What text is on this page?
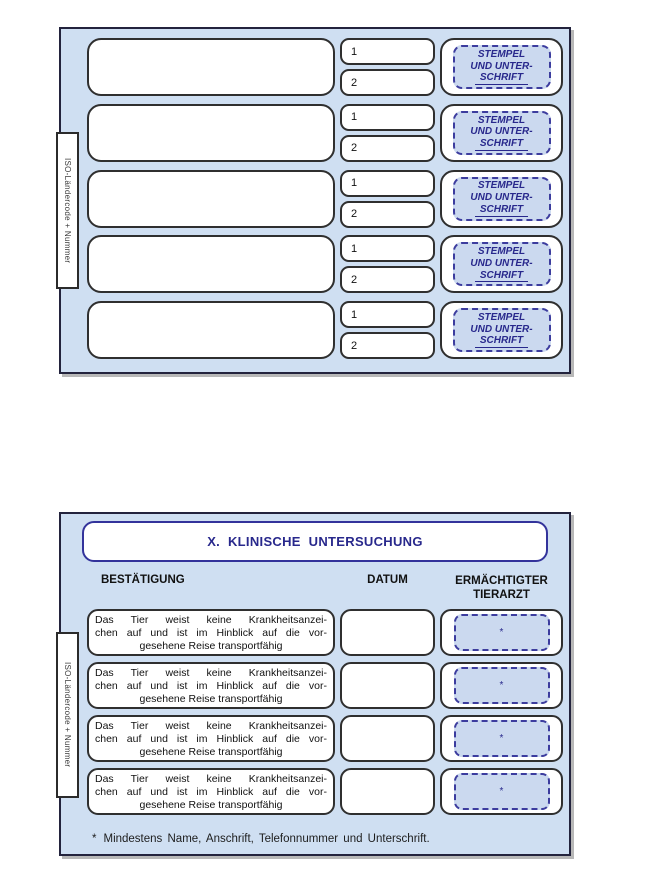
ISO-Ländercode + Nummer
1
2
STEMPEL
UND UNTER-
SCHRIFT
1
2
STEMPEL
UND UNTER-
SCHRIFT
1
2
STEMPEL
UND UNTER-
SCHRIFT
1
2
STEMPEL
UND UNTER-
SCHRIFT
1
2
STEMPEL
UND UNTER-
SCHRIFT
ISO-Ländercode + Nummer
X. KLINISCHE UNTERSUCHUNG
BESTÄTIGUNG	DATUM	ERMÄCHTIGTER
TIERARZT
Das Tier weist keine Krankheitsanzei-
chen auf und ist im Hinblick auf die vor-
gesehene Reise transportfähig
*
Das Tier weist keine Krankheitsanzei-
chen auf und ist im Hinblick auf die vor-
gesehene Reise transportfähig
*
Das Tier weist keine Krankheitsanzei-
chen auf und ist im Hinblick auf die vor-
gesehene Reise transportfähig
*
Das Tier weist keine Krankheitsanzei-
chen auf und ist im Hinblick auf die vor-
gesehene Reise transportfähig
*
* Mindestens Name, Anschrift, Telefonnummer und Unterschrift.
